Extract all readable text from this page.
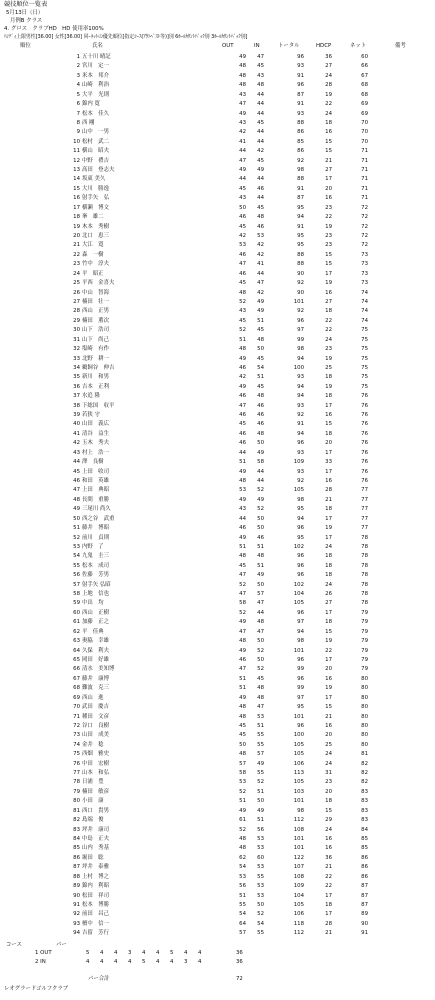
競技順位一覧表
5月13日（日）
月例B クラス
4. グロス　クラブHD　HD 使用率100%
ﾊﾝﾃﾞｨ上限男性[36.00] 女性[36.00] 同ｰﾈｯﾄの優先順位[指定ｺｰｽ(ｱｳﾄﾍﾞｽﾄ等)]別 6ﾎｰﾙｶｳﾝﾄﾊﾞｯｸ別 3ﾎｰﾙｶｳﾝﾄﾊﾞｯｸ別]
順位	氏名	OUT	IN	トータル	HDCP	ネット	備考
1 五十川 晴記	49	47	96	36	60
2 宮川　定一	48	45	93	27	66
3 米本　邦介	48	43	91	24	67
4 山崎　利治	48	48	96	28	68
5 大平　光則	43	44	87	19	68
6 錦内 寛	47	44	91	22	69
7 松本　佳久	49	44	93	24	69
8 西 剛	43	45	88	18	70
9 山中　一男	42	44	86	16	70
10 松村　武二	41	44	85	15	70
11 横山　昭夫	44	42	86	15	71
12 中野　禮吉	47	45	92	21	71
13 高田　登志夫	49	49	98	27	71
14 坂東 美久	44	44	88	17	71
15 大川　勝逸	45	46	91	20	71
16 射手矢　弘	43	44	87	16	71
17 横瀬　博文	50	45	95	23	72
18 峯　雄二	46	48	94	22	72
19 木本　秀樹	45	46	91	19	72
20 北口　恵三	42	53	95	23	72
21 大江　寛	53	42	95	23	72
22 森　一樹	46	42	88	15	73
23 竹中　淳夫	47	41	88	15	73
24 平　昭正	46	44	90	17	73
25 平西　金喜夫	45	47	92	19	73
26 中山　智海	48	42	90	16	74
27 楠田　壮一	52	49	101	27	74
28 西山　正男	43	49	92	18	74
29 楠田　薫次	45	51	96	22	74
30 山下　浩司	52	45	97	22	75
31 山下　尚己	51	48	99	24	75
32 塩崎　有作	48	50	98	23	75
33 北野　耕一	49	45	94	19	75
34 鵜飼谷　伸吉	46	54	100	25	75
35 新川　和男	42	51	93	18	75
36 吉本　正利	49	45	94	19	75
37 水追 隆	46	48	94	18	76
38 下総国　収平	47	46	93	17	76
39 若狭 守	46	46	92	16	76
40 山田　義広	45	46	91	15	76
41 清谷　益生	46	48	94	18	76
42 玉木　秀夫	46	50	96	20	76
43 村上　浩一	44	49	93	17	76
44 澤　良樹	51	58	109	33	76
45 上田　收司	49	44	93	17	76
46 和田　英雄	48	44	92	16	76
47 上田　典昭	53	52	105	28	77
48 長間　重勝	49	49	98	21	77
49 三尾川 尚久	43	52	95	18	77
50 西之谷　武重	44	50	94	17	77
51 藤井　博昭	46	50	96	19	77
52 前川　貞則	49	46	95	17	78
53 内野　了	51	51	102	24	78
54 九鬼　圭三	48	48	96	18	78
55 松本　成司	45	51	96	18	78
56 佐藤　芳男	47	49	96	18	78
57 射手矢 弘昭	52	50	102	24	78
58 上地　信也	47	57	104	26	78
59 中出　均	58	47	105	27	78
60 西山　正樹	52	44	96	17	79
61 加藤　正之	49	48	97	18	79
62 平　佳典	47	47	94	15	79
63 奥脇　幸雄	48	50	98	19	79
64 久保　利夫	49	52	101	22	79
65 岡田　好雄	46	50	96	17	79
66 清水　美知博	47	52	99	20	79
67 藤井　康博	51	45	96	16	80
68 難波　克三	51	48	99	19	80
69 西山　進	49	48	97	17	80
70 武田　慶吉	48	47	95	15	80
71 種田　文彦	48	53	101	21	80
72 谷口　良樹	45	51	96	16	80
73 山田　成美	45	55	100	20	80
74 金井　稔	50	55	105	25	80
75 西畑　雅史	48	57	105	24	81
76 中田　宏樹	57	49	106	24	82
77 山本　和弘	58	55	113	31	82
78 日浦　豊	53	52	105	23	82
79 楠田　敏彦	52	51	103	20	83
80 小田　康	51	50	101	18	83
81 西口　貴男	49	49	98	15	83
82 島端　俊	61	51	112	29	83
83 坪井　康司	52	56	108	24	84
84 中島　正夫	48	53	101	16	85
85 山内　秀基	48	53	101	16	85
86 堀田　聡	62	60	122	36	86
87 坪井　泰雅	54	53	107	21	86
88 上村　博之	53	55	108	22	86
89 錦内　利昭	56	53	109	22	87
90 松田　祥司	51	53	104	17	87
91 松本　博勝	55	50	105	18	87
92 前田　昌己	54	52	106	17	89
93 檀中　信一	64	54	118	28	90
94 吉留　芳行	57	55	112	21	91
コース	パー
1 OUT	5 4 4 3 4 4 5 4 4	36
2 IN	4 4 4 4 5 4 4 3 4	36
パー合計	72
レオグラードゴルフクラブ
